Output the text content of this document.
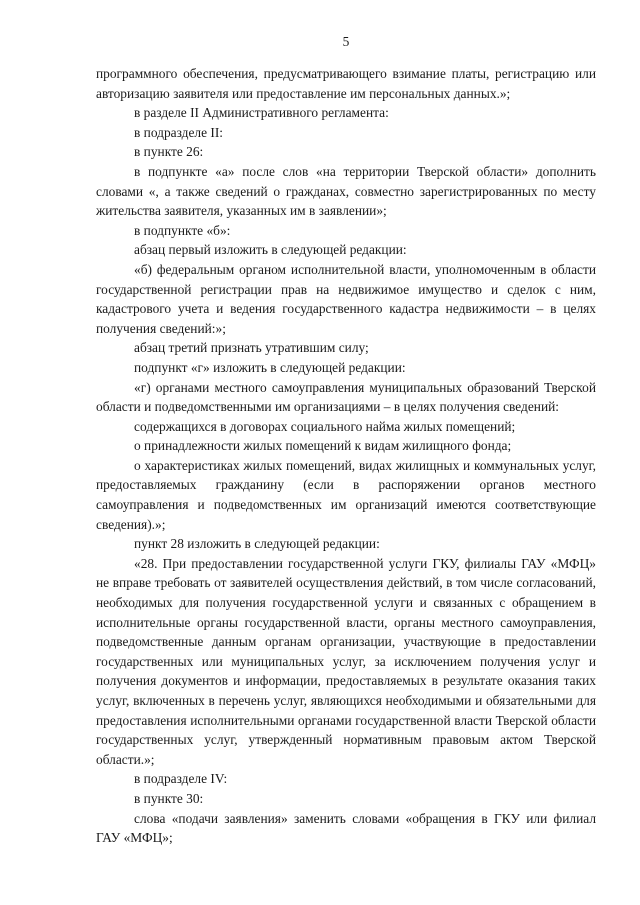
5

программного обеспечения, предусматривающего взимание платы, регистрацию или авторизацию заявителя или предоставление им персональных данных.»;

в разделе II Административного регламента:

в подразделе II:

в пункте 26:

в подпункте «а» после слов «на территории Тверской области» дополнить словами «, а также сведений о гражданах, совместно зарегистрированных по месту жительства заявителя, указанных им в заявлении»;

в подпункте «б»:

абзац первый изложить в следующей редакции:

«б) федеральным органом исполнительной власти, уполномоченным в области государственной регистрации прав на недвижимое имущество и сделок с ним, кадастрового учета и ведения государственного кадастра недвижимости – в целях получения сведений:»;

абзац третий признать утратившим силу;

подпункт «г» изложить в следующей редакции:

«г) органами местного самоуправления муниципальных образований Тверской области и подведомственными им организациями – в целях получения сведений:

содержащихся в договорах социального найма жилых помещений;

о принадлежности жилых помещений к видам жилищного фонда;

о характеристиках жилых помещений, видах жилищных и коммунальных услуг, предоставляемых гражданину (если в распоряжении органов местного самоуправления и подведомственных им организаций имеются соответствующие сведения).»;

пункт 28 изложить в следующей редакции:

«28. При предоставлении государственной услуги ГКУ, филиалы ГАУ «МФЦ» не вправе требовать от заявителей осуществления действий, в том числе согласований, необходимых для получения государственной услуги и связанных с обращением в исполнительные органы государственной власти, органы местного самоуправления, подведомственные данным органам организации, участвующие в предоставлении государственных или муниципальных услуг, за исключением получения услуг и получения документов и информации, предоставляемых в результате оказания таких услуг, включенных в перечень услуг, являющихся необходимыми и обязательными для предоставления исполнительными органами государственной власти Тверской области государственных услуг, утвержденный нормативным правовым актом Тверской области.»;

в подразделе IV:

в пункте 30:

слова «подачи заявления» заменить словами «обращения в ГКУ или филиал ГАУ «МФЦ»;
